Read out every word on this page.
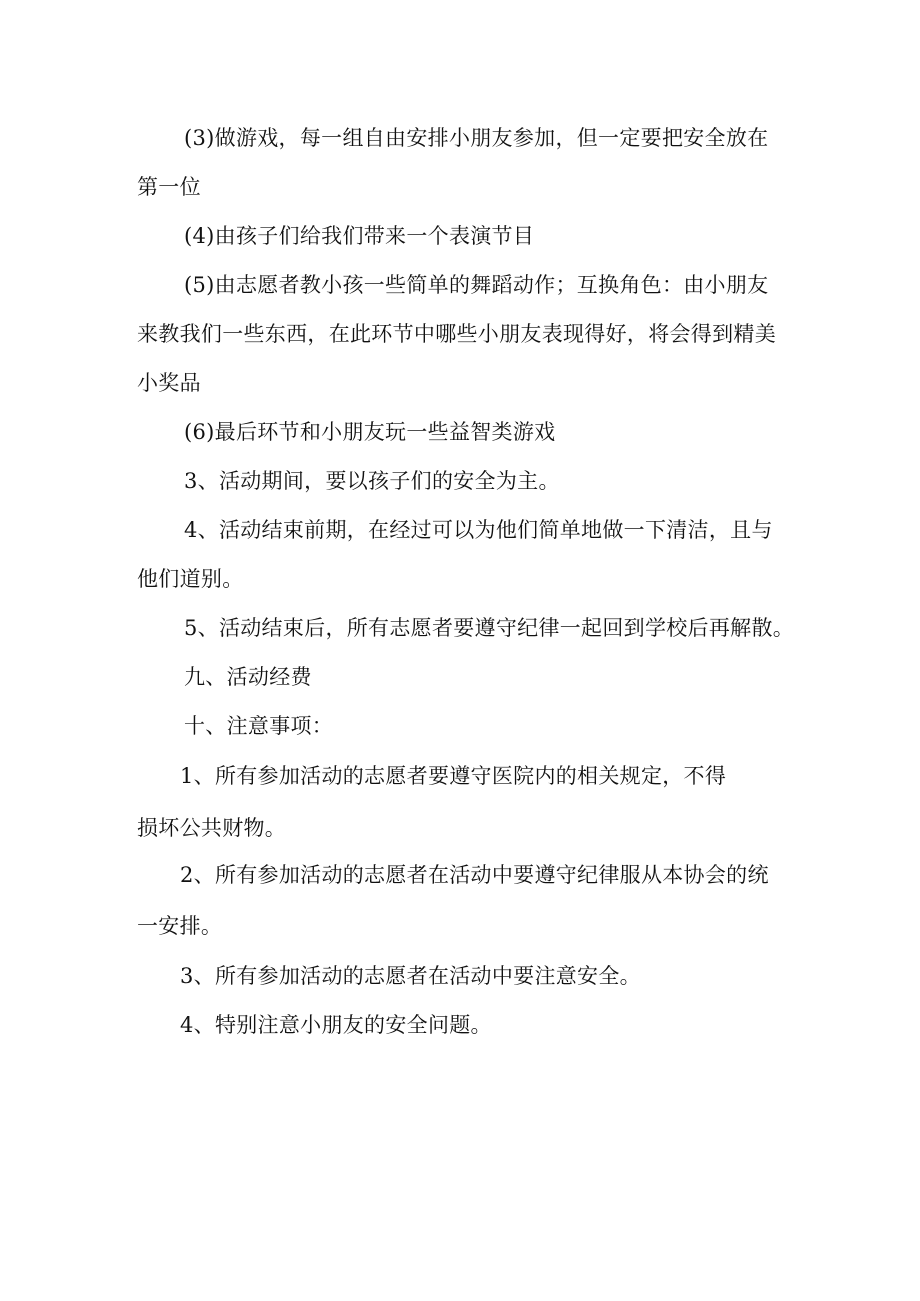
(3)做游戏，每一组自由安排小朋友参加，但一定要把安全放在
第一位
(4)由孩子们给我们带来一个表演节目
(5)由志愿者教小孩一些简单的舞蹈动作；互换角色：由小朋友
来教我们一些东西，在此环节中哪些小朋友表现得好，将会得到精美
小奖品
(6)最后环节和小朋友玩一些益智类游戏
3、活动期间，要以孩子们的安全为主。
4、活动结束前期，在经过可以为他们简单地做一下清洁，且与
他们道别。
5、活动结束后，所有志愿者要遵守纪律一起回到学校后再解散。
九、活动经费
十、注意事项：
1、所有参加活动的志愿者要遵守医院内的相关规定，不得
损坏公共财物。
2、所有参加活动的志愿者在活动中要遵守纪律服从本协会的统
一安排。
3、所有参加活动的志愿者在活动中要注意安全。
4、特别注意小朋友的安全问题。
